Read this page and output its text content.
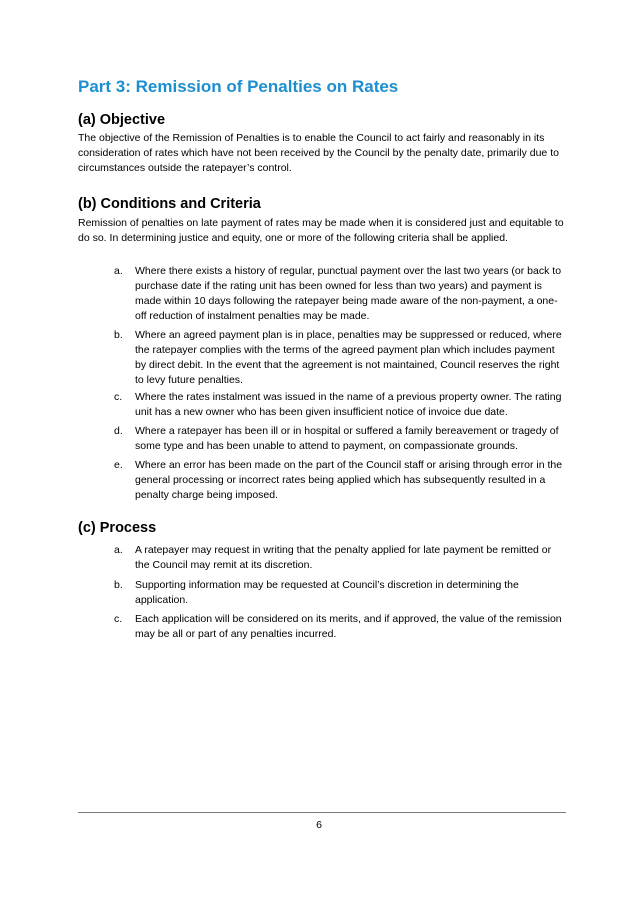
Part 3: Remission of Penalties on Rates
(a) Objective

The objective of the Remission of Penalties is to enable the Council to act fairly and reasonably in its consideration of rates which have not been received by the Council by the penalty date, primarily due to circumstances outside the ratepayer’s control.

(b) Conditions and Criteria

Remission of penalties on late payment of rates may be made when it is considered just and equitable to do so. In determining justice and equity, one or more of the following criteria shall be applied.

a.	Where there exists a history of regular, punctual payment over the last two years (or back to purchase date if the rating unit has been owned for less than two years) and payment is made within 10 days following the ratepayer being made aware of the non-payment, a one-off reduction of instalment penalties may be made.
b.	Where an agreed payment plan is in place, penalties may be suppressed or reduced, where the ratepayer complies with the terms of the agreed payment plan which includes payment by direct debit. In the event that the agreement is not maintained, Council reserves the right to levy future penalties.
c.	Where the rates instalment was issued in the name of a previous property owner. The rating unit has a new owner who has been given insufficient notice of invoice due date.
d.	Where a ratepayer has been ill or in hospital or suffered a family bereavement or tragedy of some type and has been unable to attend to payment, on compassionate grounds.
e.	Where an error has been made on the part of the Council staff or arising through error in the general processing or incorrect rates being applied which has subsequently resulted in a penalty charge being imposed.
(c) Process
a.	A ratepayer may request in writing that the penalty applied for late payment be remitted or the Council may remit at its discretion.
b.	Supporting information may be requested at Council’s discretion in determining the application.
c.	Each application will be considered on its merits, and if approved, the value of the remission may be all or part of any penalties incurred.
6
